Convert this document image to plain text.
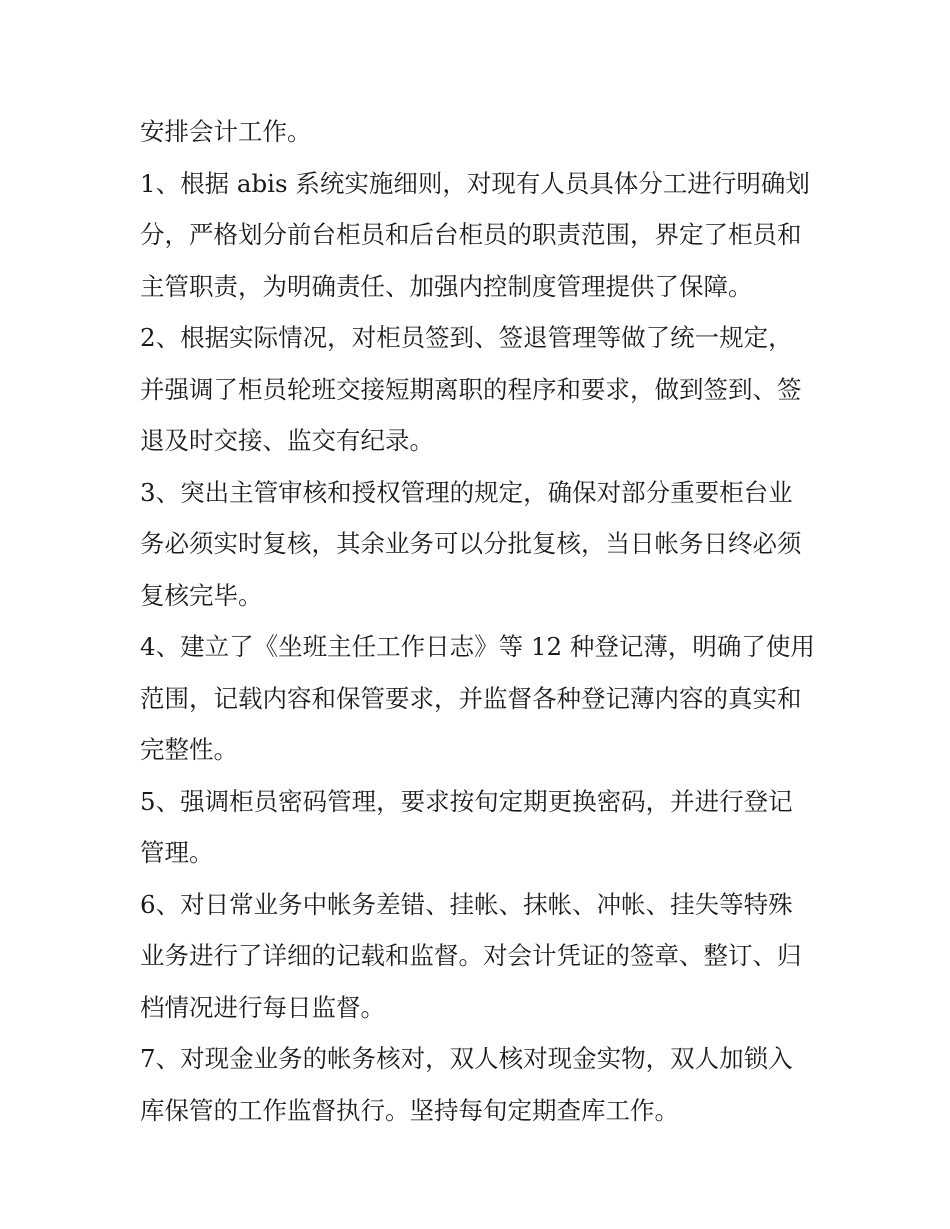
安排会计工作。
1、根据 abis 系统实施细则，对现有人员具体分工进行明确划
分，严格划分前台柜员和后台柜员的职责范围，界定了柜员和
主管职责，为明确责任、加强内控制度管理提供了保障。
2、根据实际情况，对柜员签到、签退管理等做了统一规定，
并强调了柜员轮班交接短期离职的程序和要求，做到签到、签
退及时交接、监交有纪录。
3、突出主管审核和授权管理的规定，确保对部分重要柜台业
务必须实时复核，其余业务可以分批复核，当日帐务日终必须
复核完毕。
4、建立了《坐班主任工作日志》等 12 种登记薄，明确了使用
范围，记载内容和保管要求，并监督各种登记薄内容的真实和
完整性。
5、强调柜员密码管理，要求按旬定期更换密码，并进行登记
管理。
6、对日常业务中帐务差错、挂帐、抹帐、冲帐、挂失等特殊
业务进行了详细的记载和监督。对会计凭证的签章、整订、归
档情况进行每日监督。
7、对现金业务的帐务核对，双人核对现金实物，双人加锁入
库保管的工作监督执行。坚持每旬定期查库工作。
